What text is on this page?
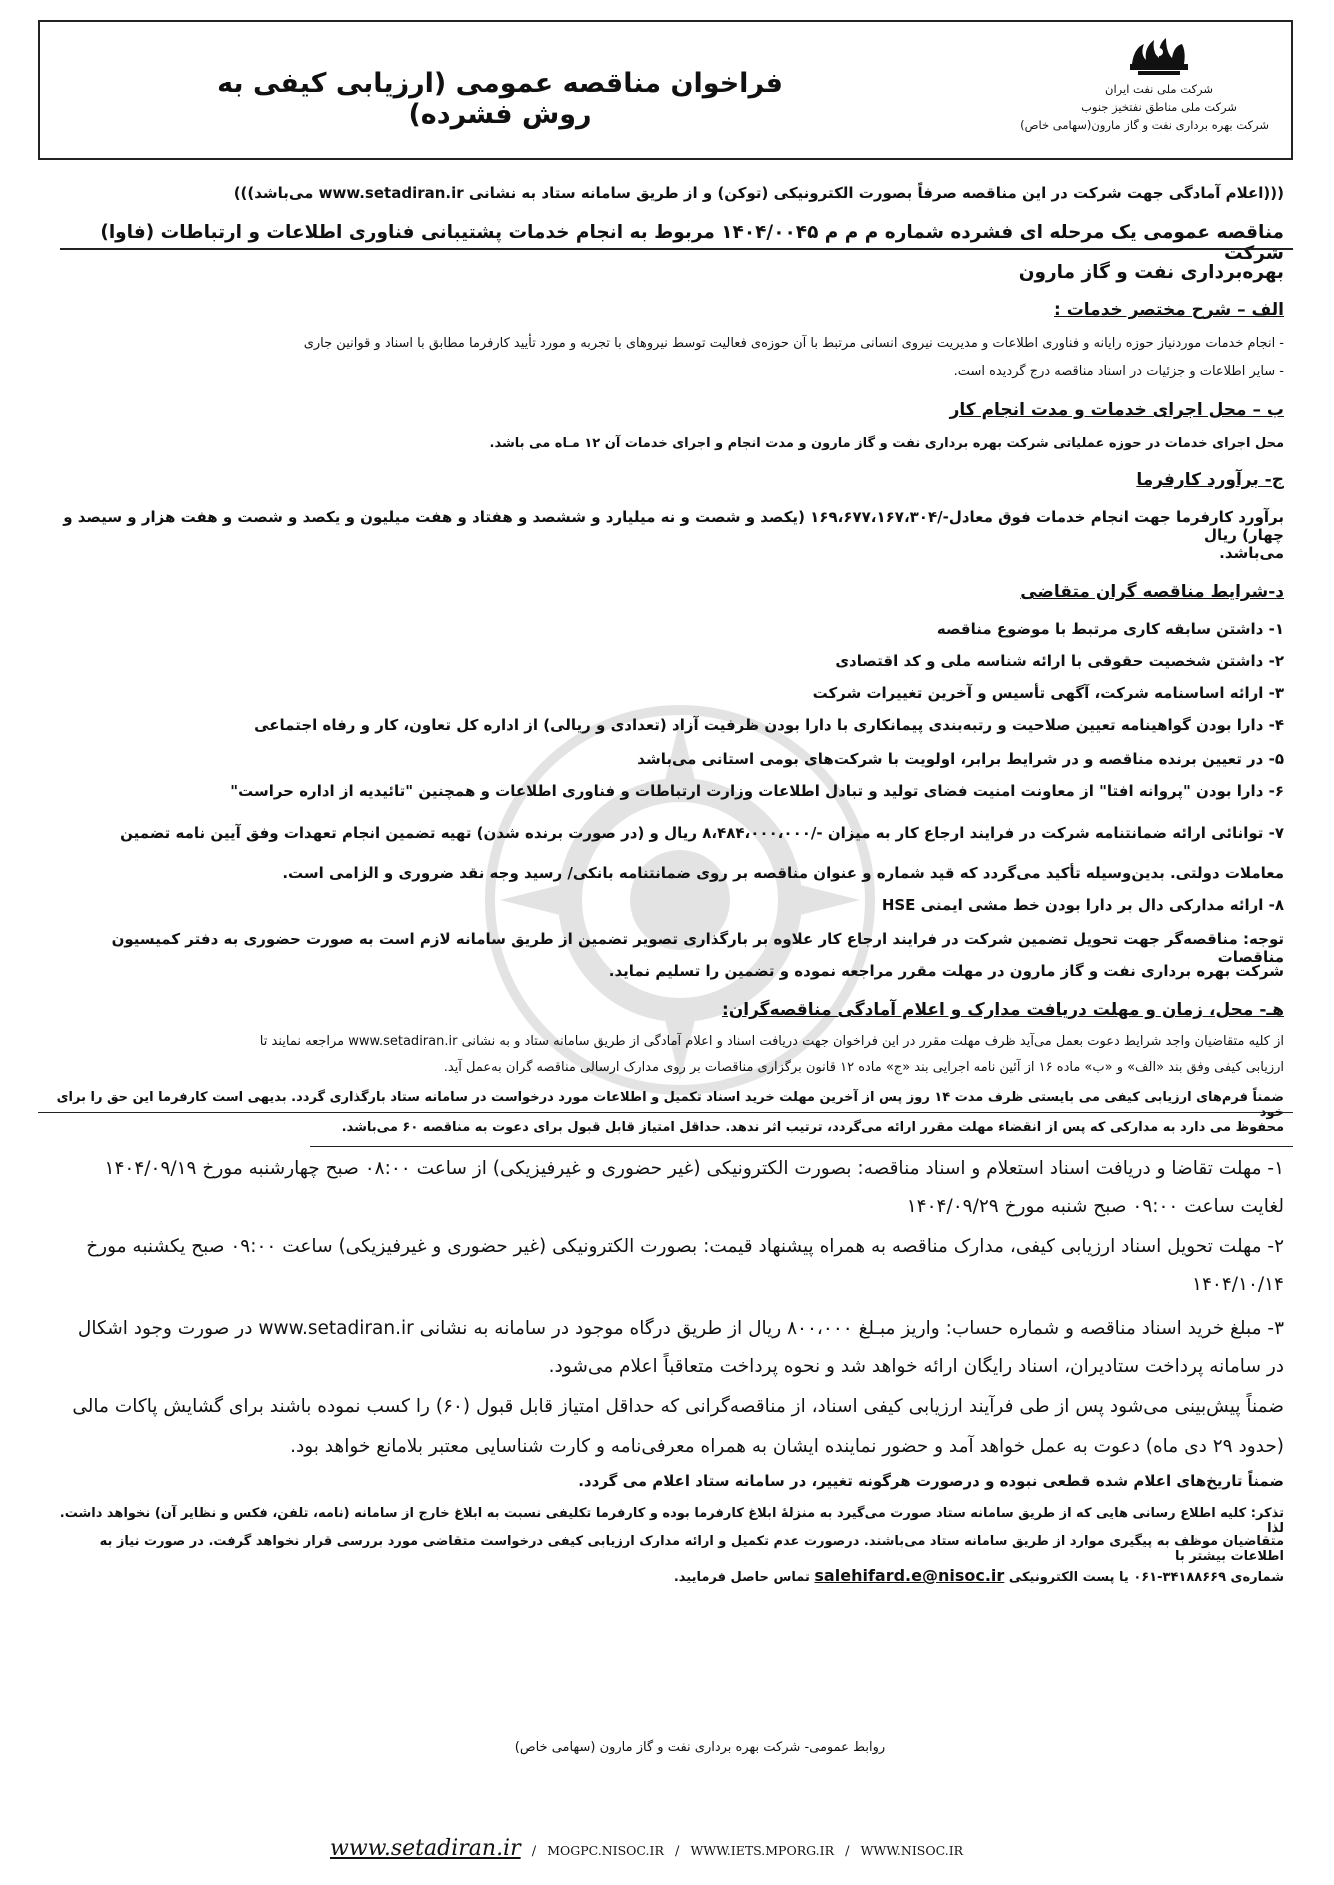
فراخوان مناقصه عمومی (ارزیابی کیفی به روش فشرده)
شرکت ملی نفت ایران
شرکت ملی مناطق نفتخیز جنوب
شرکت بهره برداری نفت و گاز مارون(سهامی خاص)
(((اعلام آمادگی جهت شرکت در این مناقصه صرفاً بصورت الکترونیکی (توکن) و از طریق سامانه ستاد به نشانی www.setadiran.ir می‌باشد)))
مناقصه عمومی یک مرحله ای فشرده شماره م م م ۱۴۰۴/۰۰۴۵ مربوط به انجام خدمات پشتیبانی فناوری اطلاعات و ارتباطات (فاوا) شرکت
بهره‌برداری نفت و گاز مارون
الف – شرح مختصر خدمات :
- انجام خدمات موردنیاز حوزه رایانه و فناوری اطلاعات و مدیریت نیروی انسانی مرتبط با آن حوزه‌ی فعالیت توسط نیروهای با تجربه و مورد تأیید کارفرما مطابق با اسناد و قوانین جاری
- سایر اطلاعات و جزئیات در اسناد مناقصه درج گردیده است.
ب – محل اجرای خدمات و مدت انجام کار
محل اجرای خدمات در حوزه عملیاتی شرکت بهره برداری نفت و گاز مارون و مدت انجام و اجرای خدمات آن ۱۲ مـاه می باشد.
ج- برآورد کارفرما
برآورد کارفرما جهت انجام خدمات فوق معادل-/۱۶۹،۶۷۷،۱۶۷،۳۰۴ (یکصد و شصت و نه میلیارد و ششصد و هفتاد و هفت میلیون و یکصد و شصت و هفت هزار و سیصد و چهار) ریال
می‌باشد.
د-شرایط مناقصه گران متقاضی
۱- داشتن سابقه کاری مرتبط با موضوع مناقصه
۲- داشتن شخصیت حقوقی با ارائه شناسه ملی و کد اقتصادی
۳- ارائه اساسنامه شرکت، آگهی تأسیس و آخرین تغییرات شرکت
۴- دارا بودن گواهینامه تعیین صلاحیت و رتبه‌بندی پیمانکاری با دارا بودن ظرفیت آزاد (تعدادی و ریالی) از اداره کل تعاون، کار و رفاه اجتماعی
۵- در تعیین برنده مناقصه و در شرایط برابر، اولویت با شرکت‌های بومی استانی می‌باشد
۶- دارا بودن "پروانه افتا" از معاونت امنیت فضای تولید و تبادل اطلاعات وزارت ارتباطات و فناوری اطلاعات و همچنین "تائیدیه از اداره حراست"
۷- توانائی ارائه ضمانتنامه شرکت در فرایند ارجاع کار به میزان -/۸،۴۸۴،۰۰۰،۰۰۰ ریال و (در صورت برنده شدن) تهیه تضمین انجام تعهدات وفق آیین نامه تضمین
معاملات دولتی. بدین‌وسیله تأکید می‌گردد که قید شماره و عنوان مناقصه بر روی ضمانتنامه بانکی/ رسید وجه نقد ضروری و الزامی است.
۸- ارائه مدارکی دال بر دارا بودن خط مشی ایمنی HSE
توجه: مناقصه‌گر جهت تحویل تضمین شرکت در فرایند ارجاع کار علاوه بر بارگذاری تصویر تضمین از طریق سامانه لازم است به صورت حضوری به دفتر کمیسیون مناقصات
شرکت بهره برداری نفت و گاز مارون در مهلت مقرر مراجعه نموده و تضمین را تسلیم نماید.
هـ- محل، زمان و مهلت دریافت مدارک و اعلام آمادگی مناقصه‌گران:
از کلیه متقاضیان واجد شرایط دعوت بعمل می‌آید ظرف مهلت مقرر در این فراخوان جهت دریافت اسناد و اعلام آمادگی از طریق سامانه ستاد و به نشانی www.setadiran.ir مراجعه نمایند تا
ارزیابی کیفی وفق بند «الف» و «ب» ماده ۱۶ از آئین نامه اجرایی بند «ج» ماده ۱۲ قانون برگزاری مناقصات بر روی مدارک ارسالی مناقصه گران به‌عمل آید.
ضمناً فرم‌های ارزیابی کیفی می بایستی ظرف مدت ۱۴ روز پس از آخرین مهلت خرید اسناد تکمیل و اطلاعات مورد درخواست در سامانه ستاد بارگذاری گردد. بدیهی است کارفرما این حق را برای خود
محفوظ می دارد به مدارکی که پس از انقضاء مهلت مقرر ارائه می‌گردد، ترتیب اثر ندهد. حداقل امتیاز قابل قبول برای دعوت به مناقصه ۶۰ می‌باشد.
۱- مهلت تقاضا و دریافت اسناد استعلام و اسناد مناقصه: بصورت الکترونیکی (غیر حضوری و غیرفیزیکی) از ساعت ۰۸:۰۰ صبح چهارشنبه مورخ ۱۴۰۴/۰۹/۱۹
لغایت ساعت ۰۹:۰۰ صبح شنبه مورخ ۱۴۰۴/۰۹/۲۹
۲- مهلت تحویل اسناد ارزیابی کیفی، مدارک مناقصه به همراه پیشنهاد قیمت: بصورت الکترونیکی (غیر حضوری و غیرفیزیکی) ساعت ۰۹:۰۰ صبح یکشنبه مورخ
۱۴۰۴/۱۰/۱۴
۳- مبلغ خرید اسناد مناقصه و شماره حساب: واریز مبـلغ ۸۰۰،۰۰۰ ریال از طریق درگاه موجود در سامانه به نشانی www.setadiran.ir در صورت وجود اشکال
در سامانه پرداخت ستادیران، اسناد رایگان ارائه خواهد شد و نحوه پرداخت متعاقباً اعلام می‌شود.
ضمناً پیش‌بینی می‌شود پس از طی فرآیند ارزیابی کیفی اسناد، از مناقصه‌گرانی که حداقل امتیاز قابل قبول (۶۰) را کسب نموده باشند برای گشایش پاکات مالی
(حدود ۲۹ دی ماه) دعوت به عمل خواهد آمد و حضور نماینده ایشان به همراه معرفی‌نامه و کارت شناسایی معتبر بلامانع خواهد بود.
ضمناً تاریخ‌های اعلام شده قطعی نبوده و درصورت هرگونه تغییر، در سامانه ستاد اعلام می گردد.
تذکر: کلیه اطلاع رسانی هایی که از طریق سامانه ستاد صورت می‌گیرد به منزلهٔ ابلاغ کارفرما بوده و کارفرما تکلیفی نسبت به ابلاغ خارج از سامانه (نامه، تلفن، فکس و نظایر آن) نخواهد داشت. لذا
متقاضیان موظف به پیگیری موارد از طریق سامانه ستاد می‌باشند. درصورت عدم تکمیل و ارائه مدارک ارزیابی کیفی درخواست متقاضی مورد بررسی قرار نخواهد گرفت. در صورت نیاز به اطلاعات بیشتر با
شماره‌ی ۳۴۱۸۸۶۶۹-۰۶۱ یا پست الکترونیکی salehifard.e@nisoc.ir تماس حاصل فرمایید.
روابط عمومی- شرکت بهره برداری نفت و گاز مارون (سهامی خاص)
www.setadiran.ir / MOGPC.NISOC.IR / WWW.IETS.MPORG.IR / WWW.NISOC.IR
